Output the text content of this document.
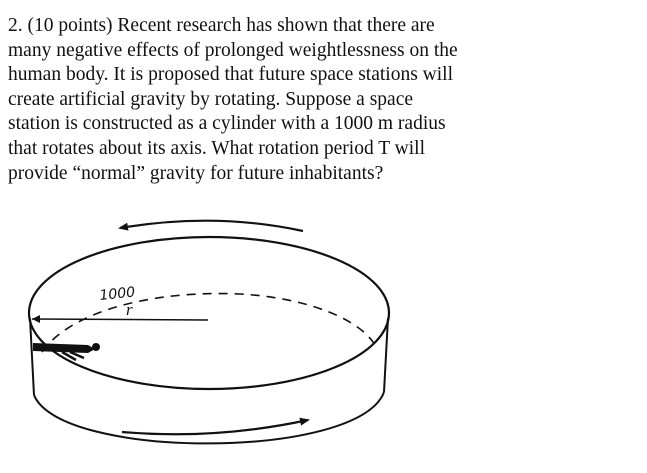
2. (10 points) Recent research has shown that there are
many negative effects of prolonged weightlessness on the
human body. It is proposed that future space stations will
create artificial gravity by rotating. Suppose a space
station is constructed as a cylinder with a 1000 m radius
that rotates about its axis. What rotation period T will
provide “normal” gravity for future inhabitants?
1000
r
